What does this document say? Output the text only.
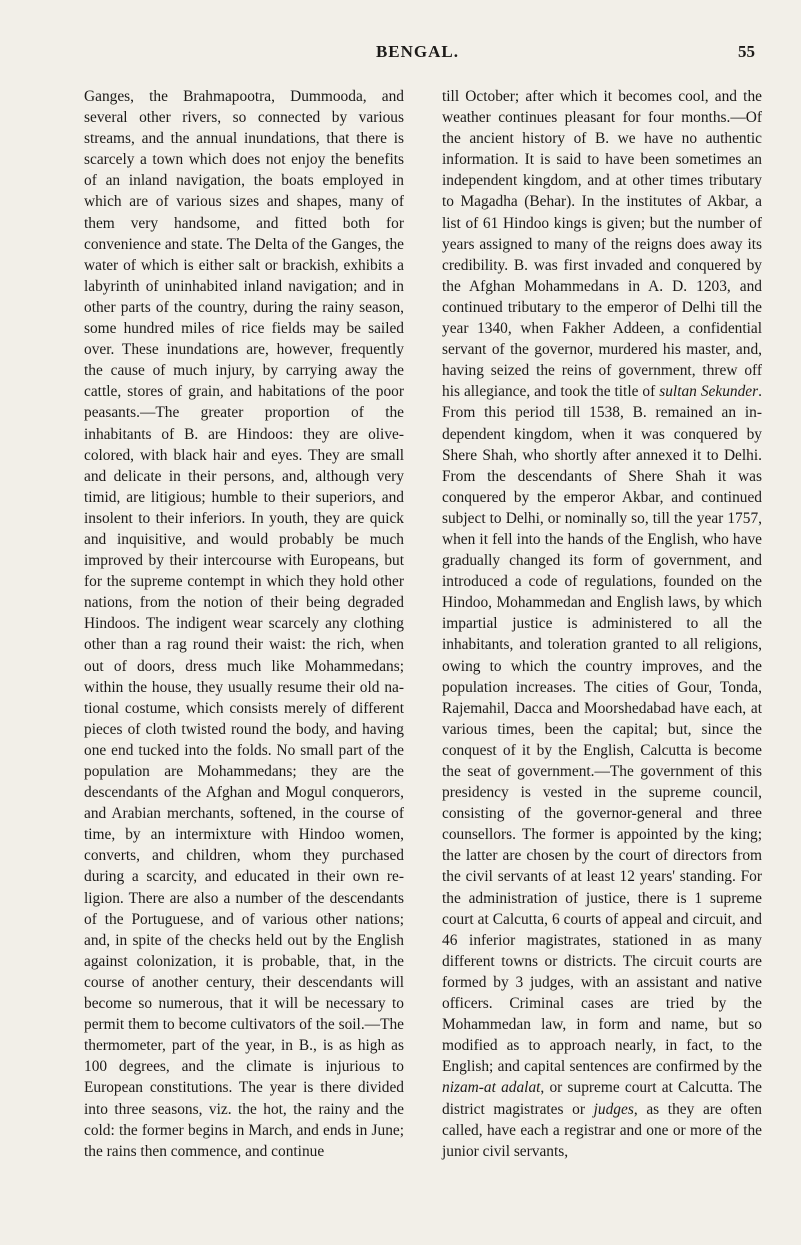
BENGAL.	55

Ganges, the Brahmapootra, Dummooda, and several other rivers, so connected by various streams, and the annual inundations, that there is scarcely a town which does not enjoy the benefits of an inland navigation, the boats employed in which are of various sizes and shapes, many of them very handsome, and fitted both for convenience and state. The Delta of the Ganges, the water of which is either salt or brackish, exhibits a labyrinth of uninhabited inland navigation; and in other parts of the country, during the rainy season, some hundred miles of rice fields may be sailed over. These inundations are, however, frequently the cause of much injury, by carrying away the cattle, stores of grain, and habitations of the poor peasants.—The greater proportion of the inhabitants of B. are Hindoos: they are olive-colored, with black hair and eyes. They are small and delicate in their persons, and, although very timid, are litigious; humble to their superiors, and insolent to their inferiors. In youth, they are quick and inquisitive, and would probably be much improved by their intercourse with Europeans, but for the supreme contempt in which they hold other nations, from the notion of their being degraded Hindoos. The indigent wear scarcely any clothing other than a rag round their waist: the rich, when out of doors, dress much like Mohammedans; within the house, they usually resume their old national costume, which consists merely of different pieces of cloth twisted round the body, and having one end tucked into the folds. No small part of the population are Mohammedans; they are the descendants of the Afghan and Mogul conquerors, and Arabian merchants, softened, in the course of time, by an intermixture with Hindoo women, converts, and children, whom they purchased during a scarcity, and educated in their own religion. There are also a number of the descendants of the Portuguese, and of various other nations; and, in spite of the checks held out by the English against colonization, it is probable, that, in the course of another century, their descendants will become so numerous, that it will be necessary to permit them to become cultivators of the soil.—The thermometer, part of the year, in B., is as high as 100 degrees, and the climate is injurious to European constitutions. The year is there divided into three seasons, viz. the hot, the rainy and the cold: the former begins in March, and ends in June; the rains then commence, and continue

till October; after which it becomes cool, and the weather continues pleasant for four months.—Of the ancient history of B. we have no authentic information. It is said to have been sometimes an independent kingdom, and at other times tributary to Magadha (Behar). In the institutes of Akbar, a list of 61 Hindoo kings is given; but the number of years assigned to many of the reigns does away its credibility. B. was first invaded and conquered by the Afghan Mohammedans in A. D. 1203, and continued tributary to the emperor of Delhi till the year 1340, when Fakher Addeen, a confidential servant of the governor, murdered his master, and, having seized the reins of government, threw off his allegiance, and took the title of sultan Sekunder. From this period till 1538, B. remained an independent kingdom, when it was conquered by Shere Shah, who shortly after annexed it to Delhi. From the descendants of Shere Shah it was conquered by the emperor Akbar, and continued subject to Delhi, or nominally so, till the year 1757, when it fell into the hands of the English, who have gradually changed its form of government, and introduced a code of regulations, founded on the Hindoo, Mohammedan and English laws, by which impartial justice is administered to all the inhabitants, and toleration granted to all religions, owing to which the country improves, and the population increases. The cities of Gour, Tonda, Rajemahil, Dacca and Moorshedabad have each, at various times, been the capital; but, since the conquest of it by the English, Calcutta is become the seat of government.—The government of this presidency is vested in the supreme council, consisting of the governor-general and three counsellors. The former is appointed by the king; the latter are chosen by the court of directors from the civil servants of at least 12 years' standing. For the administration of justice, there is 1 supreme court at Calcutta, 6 courts of appeal and circuit, and 46 inferior magistrates, stationed in as many different towns or districts. The circuit courts are formed by 3 judges, with an assistant and native officers. Criminal cases are tried by the Mohammedan law, in form and name, but so modified as to approach nearly, in fact, to the English; and capital sentences are confirmed by the nizam-at adalat, or supreme court at Calcutta. The district magistrates or judges, as they are often called, have each a registrar and one or more of the junior civil servants,
